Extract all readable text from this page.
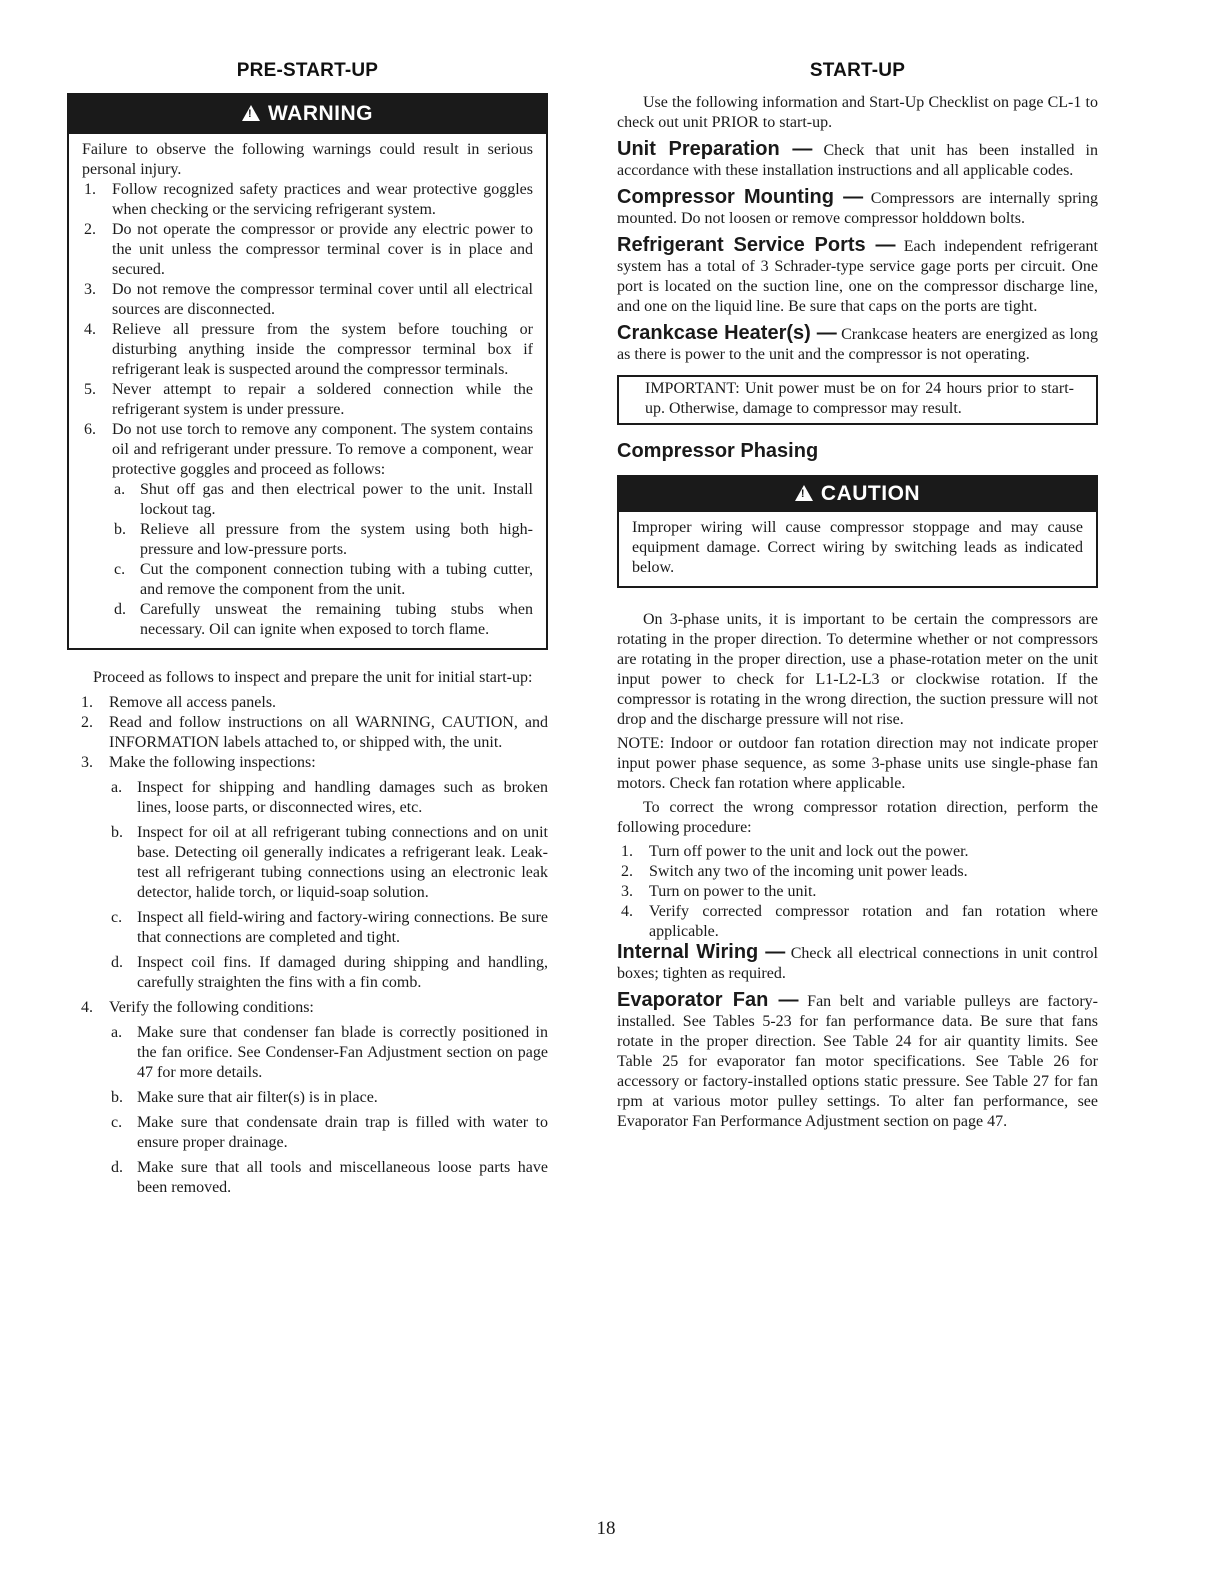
PRE-START-UP
!WARNING

Failure to observe the following warnings could result in serious personal injury.

1. Follow recognized safety practices and wear protective goggles when checking or the servicing refrigerant system.
2. Do not operate the compressor or provide any electric power to the unit unless the compressor terminal cover is in place and secured.
3. Do not remove the compressor terminal cover until all electrical sources are disconnected.
4. Relieve all pressure from the system before touching or disturbing anything inside the compressor terminal box if refrigerant leak is suspected around the compressor terminals.
5. Never attempt to repair a soldered connection while the refrigerant system is under pressure.
6. Do not use torch to remove any component. The system contains oil and refrigerant under pressure. To remove a component, wear protective goggles and proceed as follows:
a. Shut off gas and then electrical power to the unit. Install lockout tag.
b. Relieve all pressure from the system using both high-pressure and low-pressure ports.
c. Cut the component connection tubing with a tubing cutter, and remove the component from the unit.
d. Carefully unsweat the remaining tubing stubs when necessary. Oil can ignite when exposed to torch flame.

Proceed as follows to inspect and prepare the unit for initial start-up:

1. Remove all access panels.
2. Read and follow instructions on all WARNING, CAUTION, and INFORMATION labels attached to, or shipped with, the unit.
3. Make the following inspections:
a. Inspect for shipping and handling damages such as broken lines, loose parts, or disconnected wires, etc.
b. Inspect for oil at all refrigerant tubing connections and on unit base. Detecting oil generally indicates a refrigerant leak. Leak-test all refrigerant tubing connections using an electronic leak detector, halide torch, or liquid-soap solution.
c. Inspect all field-wiring and factory-wiring connections. Be sure that connections are completed and tight.
d. Inspect coil fins. If damaged during shipping and handling, carefully straighten the fins with a fin comb.
4. Verify the following conditions:
a. Make sure that condenser fan blade is correctly positioned in the fan orifice. See Condenser-Fan Adjustment section on page 47 for more details.
b. Make sure that air filter(s) is in place.
c. Make sure that condensate drain trap is filled with water to ensure proper drainage.
d. Make sure that all tools and miscellaneous loose parts have been removed.
START-UP

Use the following information and Start-Up Checklist on page CL-1 to check out unit PRIOR to start-up.

Unit Preparation — Check that unit has been installed in accordance with these installation instructions and all applicable codes.

Compressor Mounting — Compressors are internally spring mounted. Do not loosen or remove compressor holddown bolts.

Refrigerant Service Ports — Each independent refrigerant system has a total of 3 Schrader-type service gage ports per circuit. One port is located on the suction line, one on the compressor discharge line, and one on the liquid line. Be sure that caps on the ports are tight.

Crankcase Heater(s) — Crankcase heaters are energized as long as there is power to the unit and the compressor is not operating.

IMPORTANT: Unit power must be on for 24 hours prior to start-up. Otherwise, damage to compressor may result.

Compressor Phasing
!CAUTION

Improper wiring will cause compressor stoppage and may cause equipment damage. Correct wiring by switching leads as indicated below.

On 3-phase units, it is important to be certain the compressors are rotating in the proper direction. To determine whether or not compressors are rotating in the proper direction, use a phase-rotation meter on the unit input power to check for L1-L2-L3 or clockwise rotation. If the compressor is rotating in the wrong direction, the suction pressure will not drop and the discharge pressure will not rise.

NOTE: Indoor or outdoor fan rotation direction may not indicate proper input power phase sequence, as some 3-phase units use single-phase fan motors. Check fan rotation where applicable.

To correct the wrong compressor rotation direction, perform the following procedure:

1. Turn off power to the unit and lock out the power.
2. Switch any two of the incoming unit power leads.
3. Turn on power to the unit.
4. Verify corrected compressor rotation and fan rotation where applicable.

Internal Wiring — Check all electrical connections in unit control boxes; tighten as required.

Evaporator Fan — Fan belt and variable pulleys are factory-installed. See Tables 5-23 for fan performance data. Be sure that fans rotate in the proper direction. See Table 24 for air quantity limits. See Table 25 for evaporator fan motor specifications. See Table 26 for accessory or factory-installed options static pressure. See Table 27 for fan rpm at various motor pulley settings. To alter fan performance, see Evaporator Fan Performance Adjustment section on page 47.

18
